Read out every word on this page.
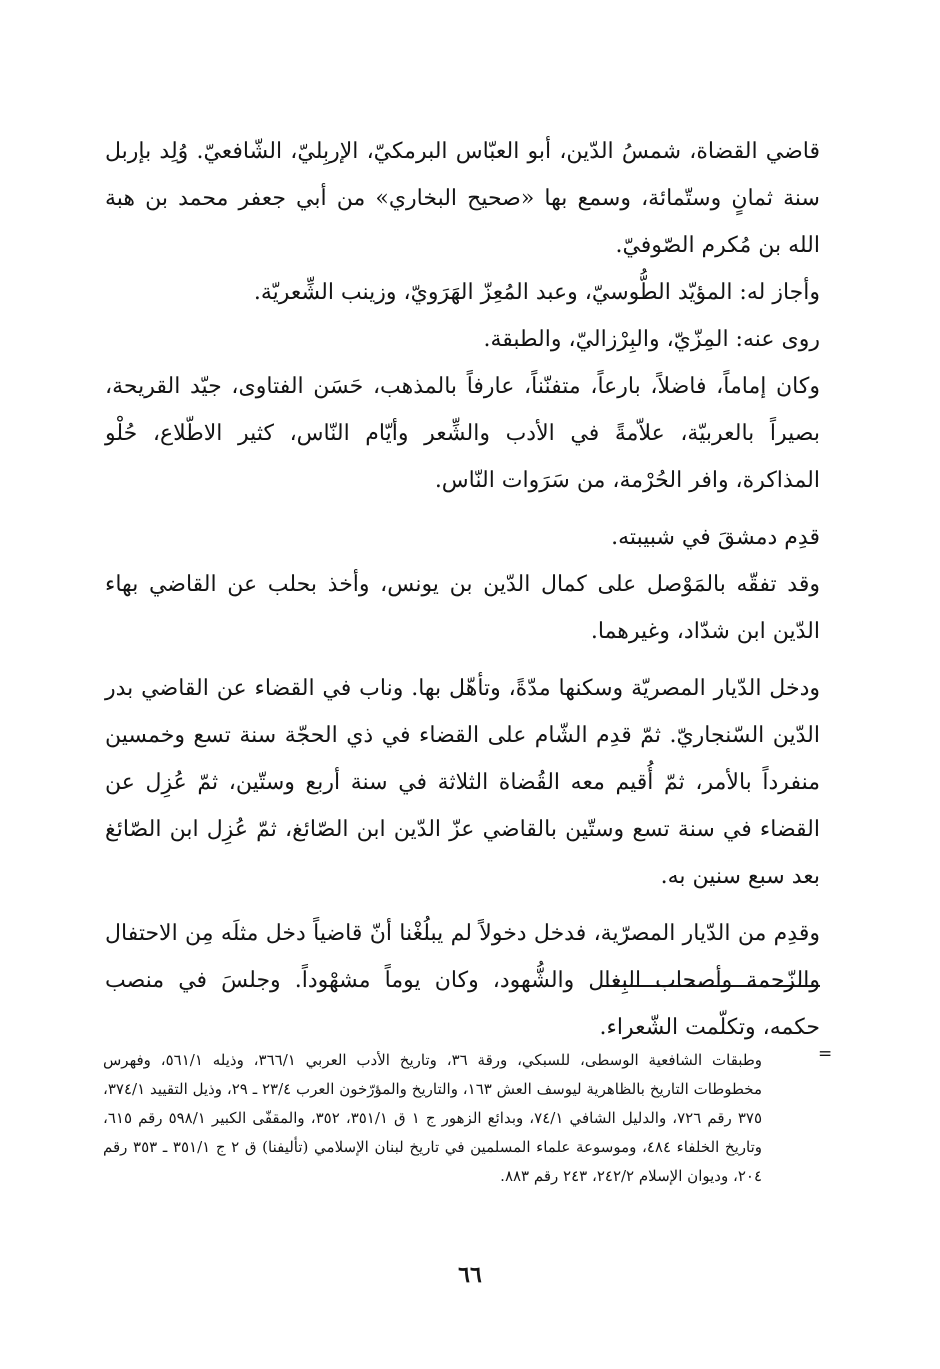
قاضي القضاة، شمسُ الدّين، أبو العبّاس البرمكيّ، الإربِليّ، الشّافعيّ. وُلِد بإربل سنة ثمانٍ وستّمائة، وسمع بها «صحيح البخاري» من أبي جعفر محمد بن هبة الله بن مُكرم الصّوفيّ.

وأجاز له: المؤيّد الطُّوسيّ، وعبد المُعِزّ الهَرَويّ، وزينب الشِّعريّة.

روى عنه: المِزّيّ، والبِرْزاليّ، والطبقة.

وكان إماماً، فاضلاً، بارعاً، متفنّناً، عارفاً بالمذهب، حَسَن الفتاوى، جيّد القريحة، بصيراً بالعربيّة، علاّمةً في الأدب والشِّعر وأيّام النّاس، كثير الاطّلاع، حُلْو المذاكرة، وافر الحُرْمة، من سَرَوات النّاس.

قدِم دمشقَ في شبيبته.

وقد تفقّه بالمَوْصل على كمال الدّين بن يونس، وأخذ بحلب عن القاضي بهاء الدّين ابن شدّاد، وغيرهما.

ودخل الدّيار المصريّة وسكنها مدّةً، وتأهّل بها. وناب في القضاء عن القاضي بدر الدّين السّنجاريّ. ثمّ قدِم الشّام على القضاء في ذي الحجّة سنة تسع وخمسين منفرداً بالأمر، ثمّ أُقيم معه القُضاة الثلاثة في سنة أربع وستّين، ثمّ عُزِل عن القضاء في سنة تسع وستّين بالقاضي عزّ الدّين ابن الصّائغ، ثمّ عُزِل ابن الصّائغ بعد سبع سنين به.

وقدِم من الدّيار المصرّية، فدخل دخولاً لم يبلُغْنا أنّ قاضياً دخل مثلَه مِن الاحتفال والزّحمة وأصحاب البِغال والشُّهود، وكان يوماً مشهْوداً. وجلسَ في منصب حكمه، وتكلّمت الشّعراء.

=

وطبقات الشافعية الوسطى، للسبكي، ورقة ٣٦، وتاريخ الأدب العربي ٣٦٦/١، وذيله ٥٦١/١، وفهرس مخطوطات التاريخ بالظاهرية ليوسف العش ١٦٣، والتاريخ والمؤرّخون العرب ٢٣/٤ ـ ٢٩، وذيل التقييد ٣٧٤/١، ٣٧٥ رقم ٧٢٦، والدليل الشافي ٧٤/١، وبدائع الزهور ج ١ ق ٣٥١/١، ٣٥٢، والمقفّى الكبير ٥٩٨/١ رقم ٦١٥، وتاريخ الخلفاء ٤٨٤، وموسوعة علماء المسلمين في تاريخ لبنان الإسلامي (تأليفنا) ق ٢ ج ٣٥١/١ ـ ٣٥٣ رقم ٢٠٤، وديوان الإسلام ٢٤٢/٢، ٢٤٣ رقم ٨٨٣.

٦٦
